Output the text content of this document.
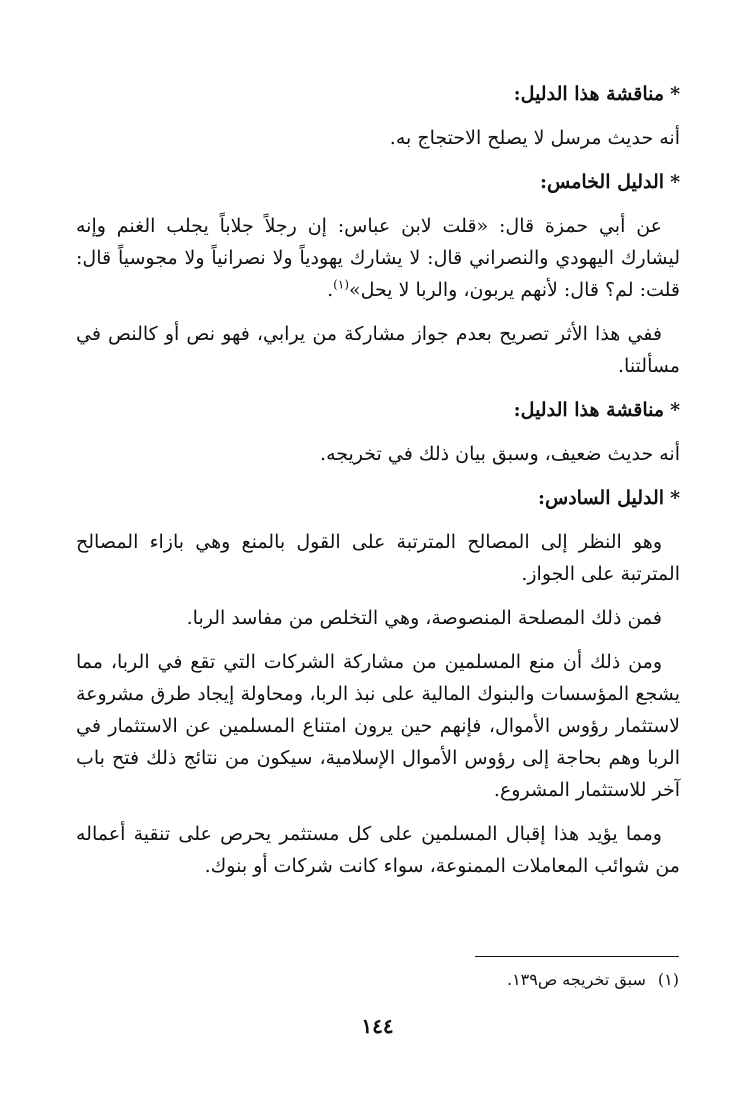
*مناقشة هذا الدليل:

أنه حديث مرسل لا يصلح الاحتجاج به.

*الدليل الخامس:

عن أبي حمزة قال: «قلت لابن عباس: إن رجلاً جلاباً يجلب الغنم وإنه ليشارك اليهودي والنصراني قال: لا يشارك يهودياً ولا نصرانياً ولا مجوسياً قال: قلت: لم؟ قال: لأنهم يربون، والربا لا يحل»$^{(١)}$.

ففي هذا الأثر تصريح بعدم جواز مشاركة من يرابي، فهو نص أو كالنص في مسألتنا.

*مناقشة هذا الدليل:

أنه حديث ضعيف، وسبق بيان ذلك في تخريجه.

*الدليل السادس:

وهو النظر إلى المصالح المترتبة على القول بالمنع وهي بازاء المصالح المترتبة على الجواز.

فمن ذلك المصلحة المنصوصة، وهي التخلص من مفاسد الربا.

ومن ذلك أن منع المسلمين من مشاركة الشركات التي تقع في الربا، مما يشجع المؤسسات والبنوك المالية على نبذ الربا، ومحاولة إيجاد طرق مشروعة لاستثمار رؤوس الأموال، فإنهم حين يرون امتناع المسلمين عن الاستثمار في الربا وهم بحاجة إلى رؤوس الأموال الإسلامية، سيكون من نتائج ذلك فتح باب آخر للاستثمار المشروع.

ومما يؤيد هذا إقبال المسلمين على كل مستثمر يحرص على تنقية أعماله من شوائب المعاملات الممنوعة، سواء كانت شركات أو بنوك.

(١)سبق تخريجه ص١٣٩.
١٤٤
